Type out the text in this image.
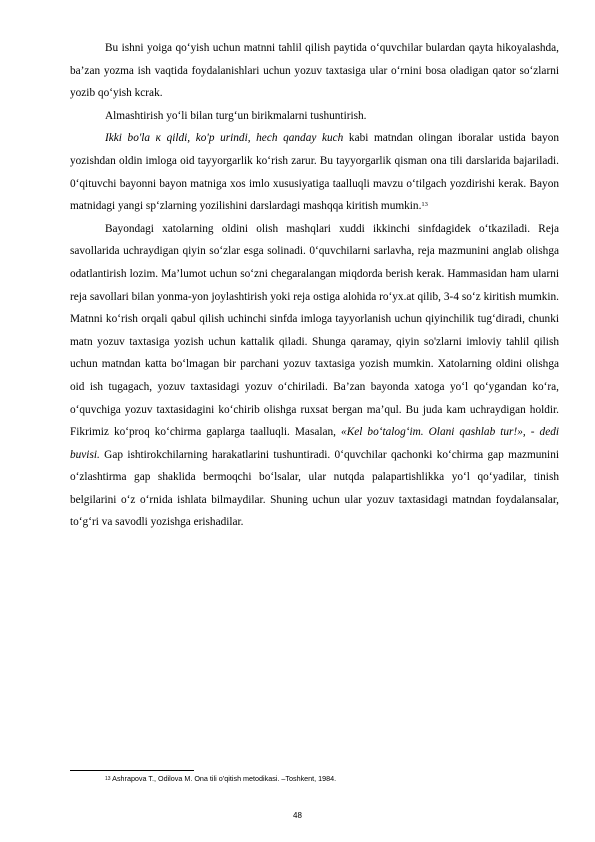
Bu ishni yoiga qo‘yish uchun matnni tahlil qilish paytida o‘quvchilar bulardan qayta hikoyalashda, ba’zan yozma ish vaqtida foydalanishlari uchun yozuv taxtasiga ular o‘rnini bosa oladigan qator so‘zlarni yozib qo‘yish kcrak.

Almashtirish yo‘li bilan turg‘un birikmalarni tushuntirish.

Ikki bo'la к qildi, ko'p urindi, hech qanday kuch kabi matndan olingan iboralar ustida bayon yozishdan oldin imloga oid tayyorgarlik ko‘rish zarur. Bu tayyorgarlik qisman ona tili darslarida bajariladi. 0‘qituvchi bayonni bayon matniga xos imlo xususiyatiga taalluqli mavzu o‘tilgach yozdirishi kerak. Bayon matnidagi yangi sp‘zlarning yozilishini darslardagi mashqqa kiritish mumkin.$^{13}$

Bayondagi xatolarning oldini olish mashqlari xuddi ikkinchi sinfdagidek o‘tkaziladi. Reja savollarida uchraydigan qiyin so‘zlar esga solinadi. 0‘quvchilarni sarlavha, reja mazmunini anglab olishga odatlantirish lozim. Ma’lumot uchun so‘zni chegaralangan miqdorda berish kerak. Hammasidan ham ularni reja savollari bilan yonma-yon joylashtirish yoki reja ostiga alohida ro‘yx.at qilib, 3-4 so‘z kiritish mumkin. Matnni ko‘rish orqali qabul qilish uchinchi sinfda imloga tayyorlanish uchun qiyinchilik tug‘diradi, chunki matn yozuv taxtasiga yozish uchun kattalik qiladi. Shunga qaramay, qiyin so'zlarni imloviy tahlil qilish uchun matndan katta bo‘lmagan bir parchani yozuv taxtasiga yozish mumkin. Xatolarning oldini olishga oid ish tugagach, yozuv taxtasidagi yozuv o‘chiriladi. Ba’zan bayonda xatoga yo‘l qo‘ygandan ko‘ra, o‘quvchiga yozuv taxtasidagini ko‘chirib olishga ruxsat bergan ma’qul. Bu juda kam uchraydigan holdir. Fikrimiz ko‘proq ko‘chirma gaplarga taalluqli. Masalan, «Kel bo‘talog‘im. Olani qashlab tur!», - dedi buvisi. Gap ishtirokchilarning harakatlarini tushuntiradi. 0‘quvchilar qachonki ko‘chirma gap mazmunini o‘zlashtirma gap shaklida bermoqchi bo‘lsalar, ular nutqda palapartishlikka yo‘l qo‘yadilar, tinish belgilarini o‘z o‘rnida ishlata bilmaydilar. Shuning uchun ular yozuv taxtasidagi matndan foydalansalar, to‘g‘ri va savodli yozishga erishadilar.

$^{13}$ Ashrapova T., Odilova M. Ona tili o’qitish metodikasi. –Toshkent, 1984.
48
